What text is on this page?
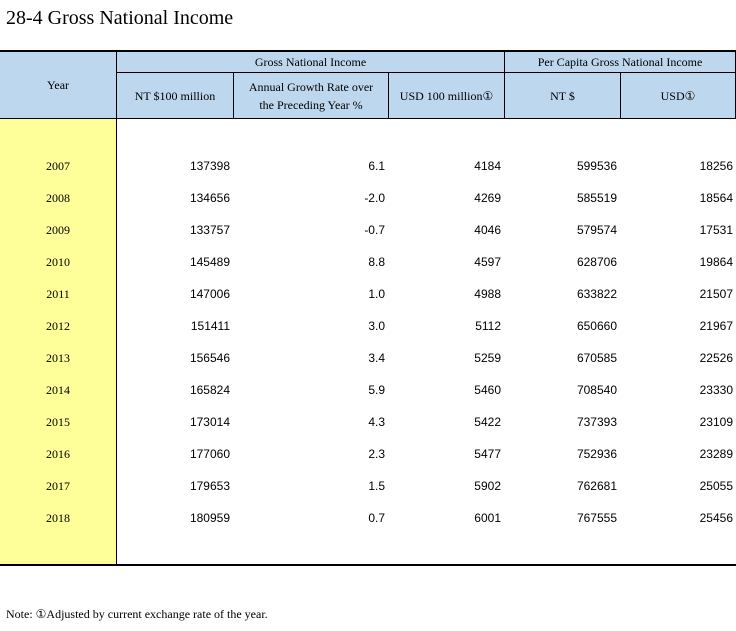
28-4 Gross National Income
Year
Gross National Income	Per Capita Gross National Income
NT $100 million
Annual Growth Rate over
the Preceding Year %
USD 100 million①	NT $	USD①
2007	137398	6.1	4184	599536	18256
2008	134656	-2.0	4269	585519	18564
2009	133757	-0.7	4046	579574	17531
2010	145489	8.8	4597	628706	19864
2011	147006	1.0	4988	633822	21507
2012	151411	3.0	5112	650660	21967
2013	156546	3.4	5259	670585	22526
2014	165824	5.9	5460	708540	23330
2015	173014	4.3	5422	737393	23109
2016	177060	2.3	5477	752936	23289
2017	179653	1.5	5902	762681	25055
2018	180959	0.7	6001	767555	25456
Note: ①Adjusted by current exchange rate of the year.
